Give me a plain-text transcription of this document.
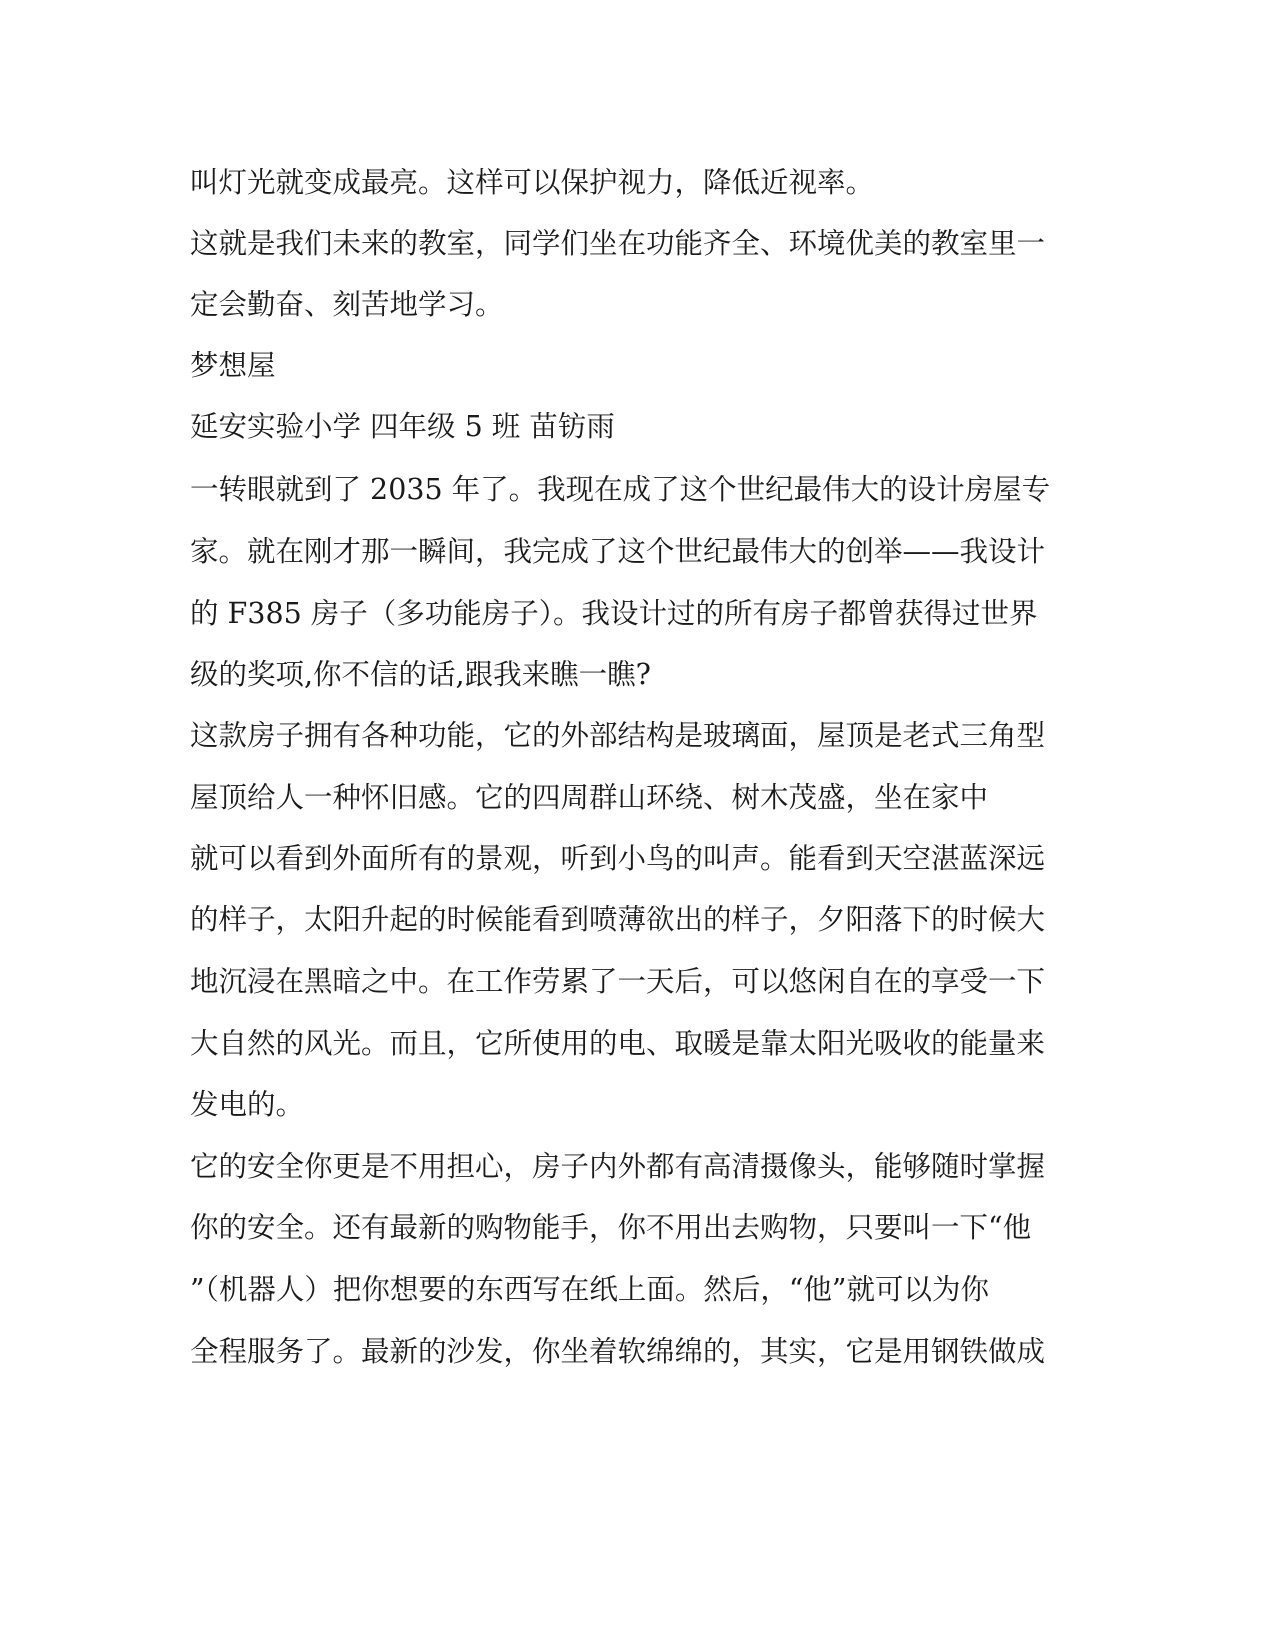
叫灯光就变成最亮。这样可以保护视力，降低近视率。
这就是我们未来的教室，同学们坐在功能齐全、环境优美的教室里一
定会勤奋、刻苦地学习。
梦想屋
延安实验小学 四年级 5 班 苗钫雨
一转眼就到了 2035 年了。我现在成了这个世纪最伟大的设计房屋专
家。就在刚才那一瞬间，我完成了这个世纪最伟大的创举——我设计
的 F385 房子（多功能房子）。我设计过的所有房子都曾获得过世界
级的奖项,你不信的话,跟我来瞧一瞧?
这款房子拥有各种功能，它的外部结构是玻璃面，屋顶是老式三角型
屋顶给人一种怀旧感。它的四周群山环绕、树木茂盛，坐在家中
就可以看到外面所有的景观，听到小鸟的叫声。能看到天空湛蓝深远
的样子，太阳升起的时候能看到喷薄欲出的样子，夕阳落下的时候大
地沉浸在黑暗之中。在工作劳累了一天后，可以悠闲自在的享受一下
大自然的风光。而且，它所使用的电、取暖是靠太阳光吸收的能量来
发电的。
它的安全你更是不用担心，房子内外都有高清摄像头，能够随时掌握
你的安全。还有最新的购物能手，你不用出去购物，只要叫一下“他
”（机器人）把你想要的东西写在纸上面。然后，“他”就可以为你
全程服务了。最新的沙发，你坐着软绵绵的，其实，它是用钢铁做成
